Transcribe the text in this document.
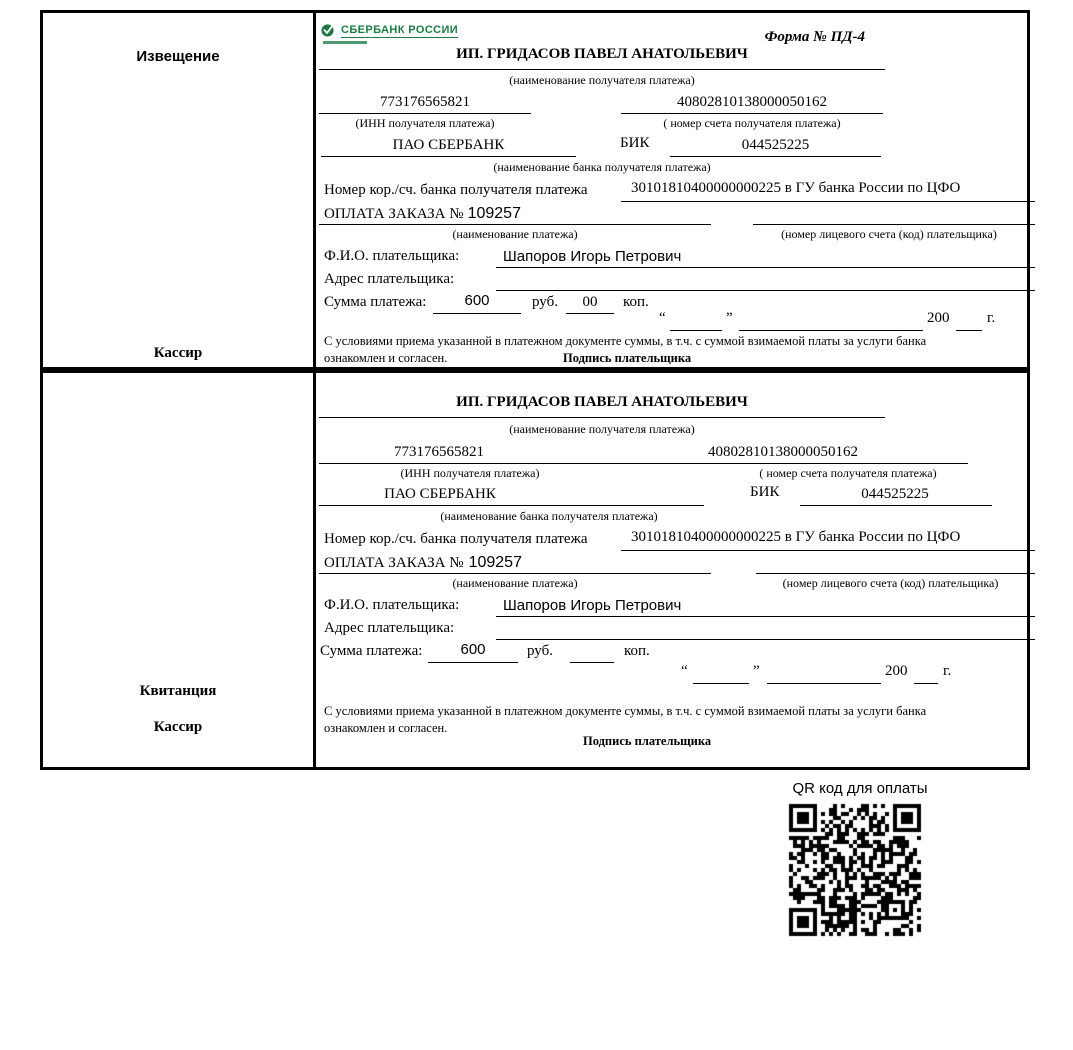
Извещение
Кассир
СБЕРБАНК РОССИИ	Форма № ПД-4
ИП. ГРИДАСОВ ПАВЕЛ АНАТОЛЬЕВИЧ
(наименование получателя платежа)
773176565821	40802810138000050162
(ИНН получателя платежа)	( номер счета получателя платежа)
ПАО СБЕРБАНК	БИК	044525225
(наименование банка получателя платежа)
Номер кор./сч. банка получателя платежа	30101810400000000225 в ГУ банка России по ЦФО
ОПЛАТА ЗАКАЗА № 109257
(наименование платежа)	(номер лицевого счета (код) плательщика)
Ф.И.О. плательщика:	Шапоров Игорь Петрович
Адрес плательщика:
Сумма платежа:	600	руб.	00	коп.
“	”	200	г.
С условиями приема указанной в платежном документе суммы, в т.ч. с суммой взимаемой платы за услуги банка
ознакомлен и согласен.	Подпись плательщика
Квитанция
Кассир
ИП. ГРИДАСОВ ПАВЕЛ АНАТОЛЬЕВИЧ
(наименование получателя платежа)
773176565821	40802810138000050162
(ИНН получателя платежа)	( номер счета получателя платежа)
ПАО СБЕРБАНК	БИК	044525225
(наименование банка получателя платежа)
Номер кор./сч. банка получателя платежа	30101810400000000225 в ГУ банка России по ЦФО
ОПЛАТА ЗАКАЗА № 109257
(наименование платежа)	(номер лицевого счета (код) плательщика)
Ф.И.О. плательщика:	Шапоров Игорь Петрович
Адрес плательщика:
Сумма платежа:	600	руб.	коп.
“	”	200 г.
С условиями приема указанной в платежном документе суммы, в т.ч. с суммой взимаемой платы за услуги банка
ознакомлен и согласен.
Подпись плательщика
QR код для оплаты
